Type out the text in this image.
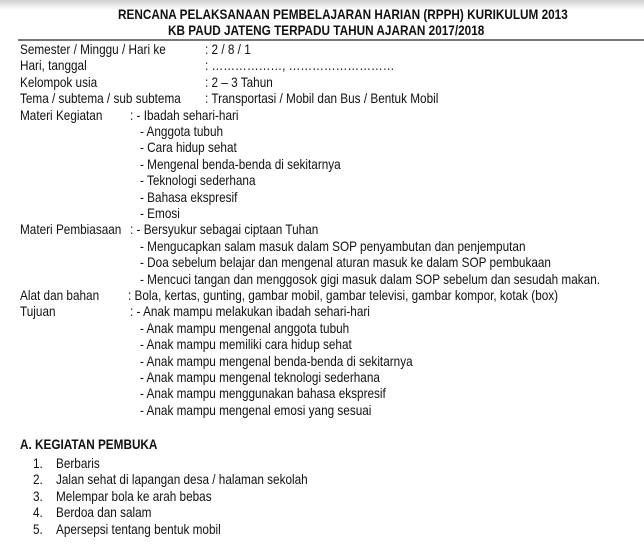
RENCANA PELAKSANAAN PEMBELAJARAN HARIAN (RPPH) KURIKULUM 2013
KB PAUD JATENG TERPADU TAHUN AJARAN 2017/2018
Semester / Minggu / Hari ke	: 2 / 8 / 1
Hari, tanggal	: ………………, ………………………
Kelompok usia	: 2 – 3 Tahun
Tema / subtema / sub subtema : Transportasi / Mobil dan Bus / Bentuk Mobil
Materi Kegiatan : - Ibadah sehari-hari
- Anggota tubuh
- Cara hidup sehat
- Mengenal benda-benda di sekitarnya
- Teknologi sederhana
- Bahasa ekspresif
- Emosi
Materi Pembiasaan : - Bersyukur sebagai ciptaan Tuhan
- Mengucapkan salam masuk dalam SOP penyambutan dan penjemputan
- Doa sebelum belajar dan mengenal aturan masuk ke dalam SOP pembukaan
- Mencuci tangan dan menggosok gigi masuk dalam SOP sebelum dan sesudah makan.
Alat dan bahan : Bola, kertas, gunting, gambar mobil, gambar televisi, gambar kompor, kotak (box)
Tujuan	: - Anak mampu melakukan ibadah sehari-hari
- Anak mampu mengenal anggota tubuh
- Anak mampu memiliki cara hidup sehat
- Anak mampu mengenal benda-benda di sekitarnya
- Anak mampu mengenal teknologi sederhana
- Anak mampu menggunakan bahasa ekspresif
- Anak mampu mengenal emosi yang sesuai
A. KEGIATAN PEMBUKA
1. Berbaris
2. Jalan sehat di lapangan desa / halaman sekolah
3. Melempar bola ke arah bebas
4. Berdoa dan salam
5. Apersepsi tentang bentuk mobil
